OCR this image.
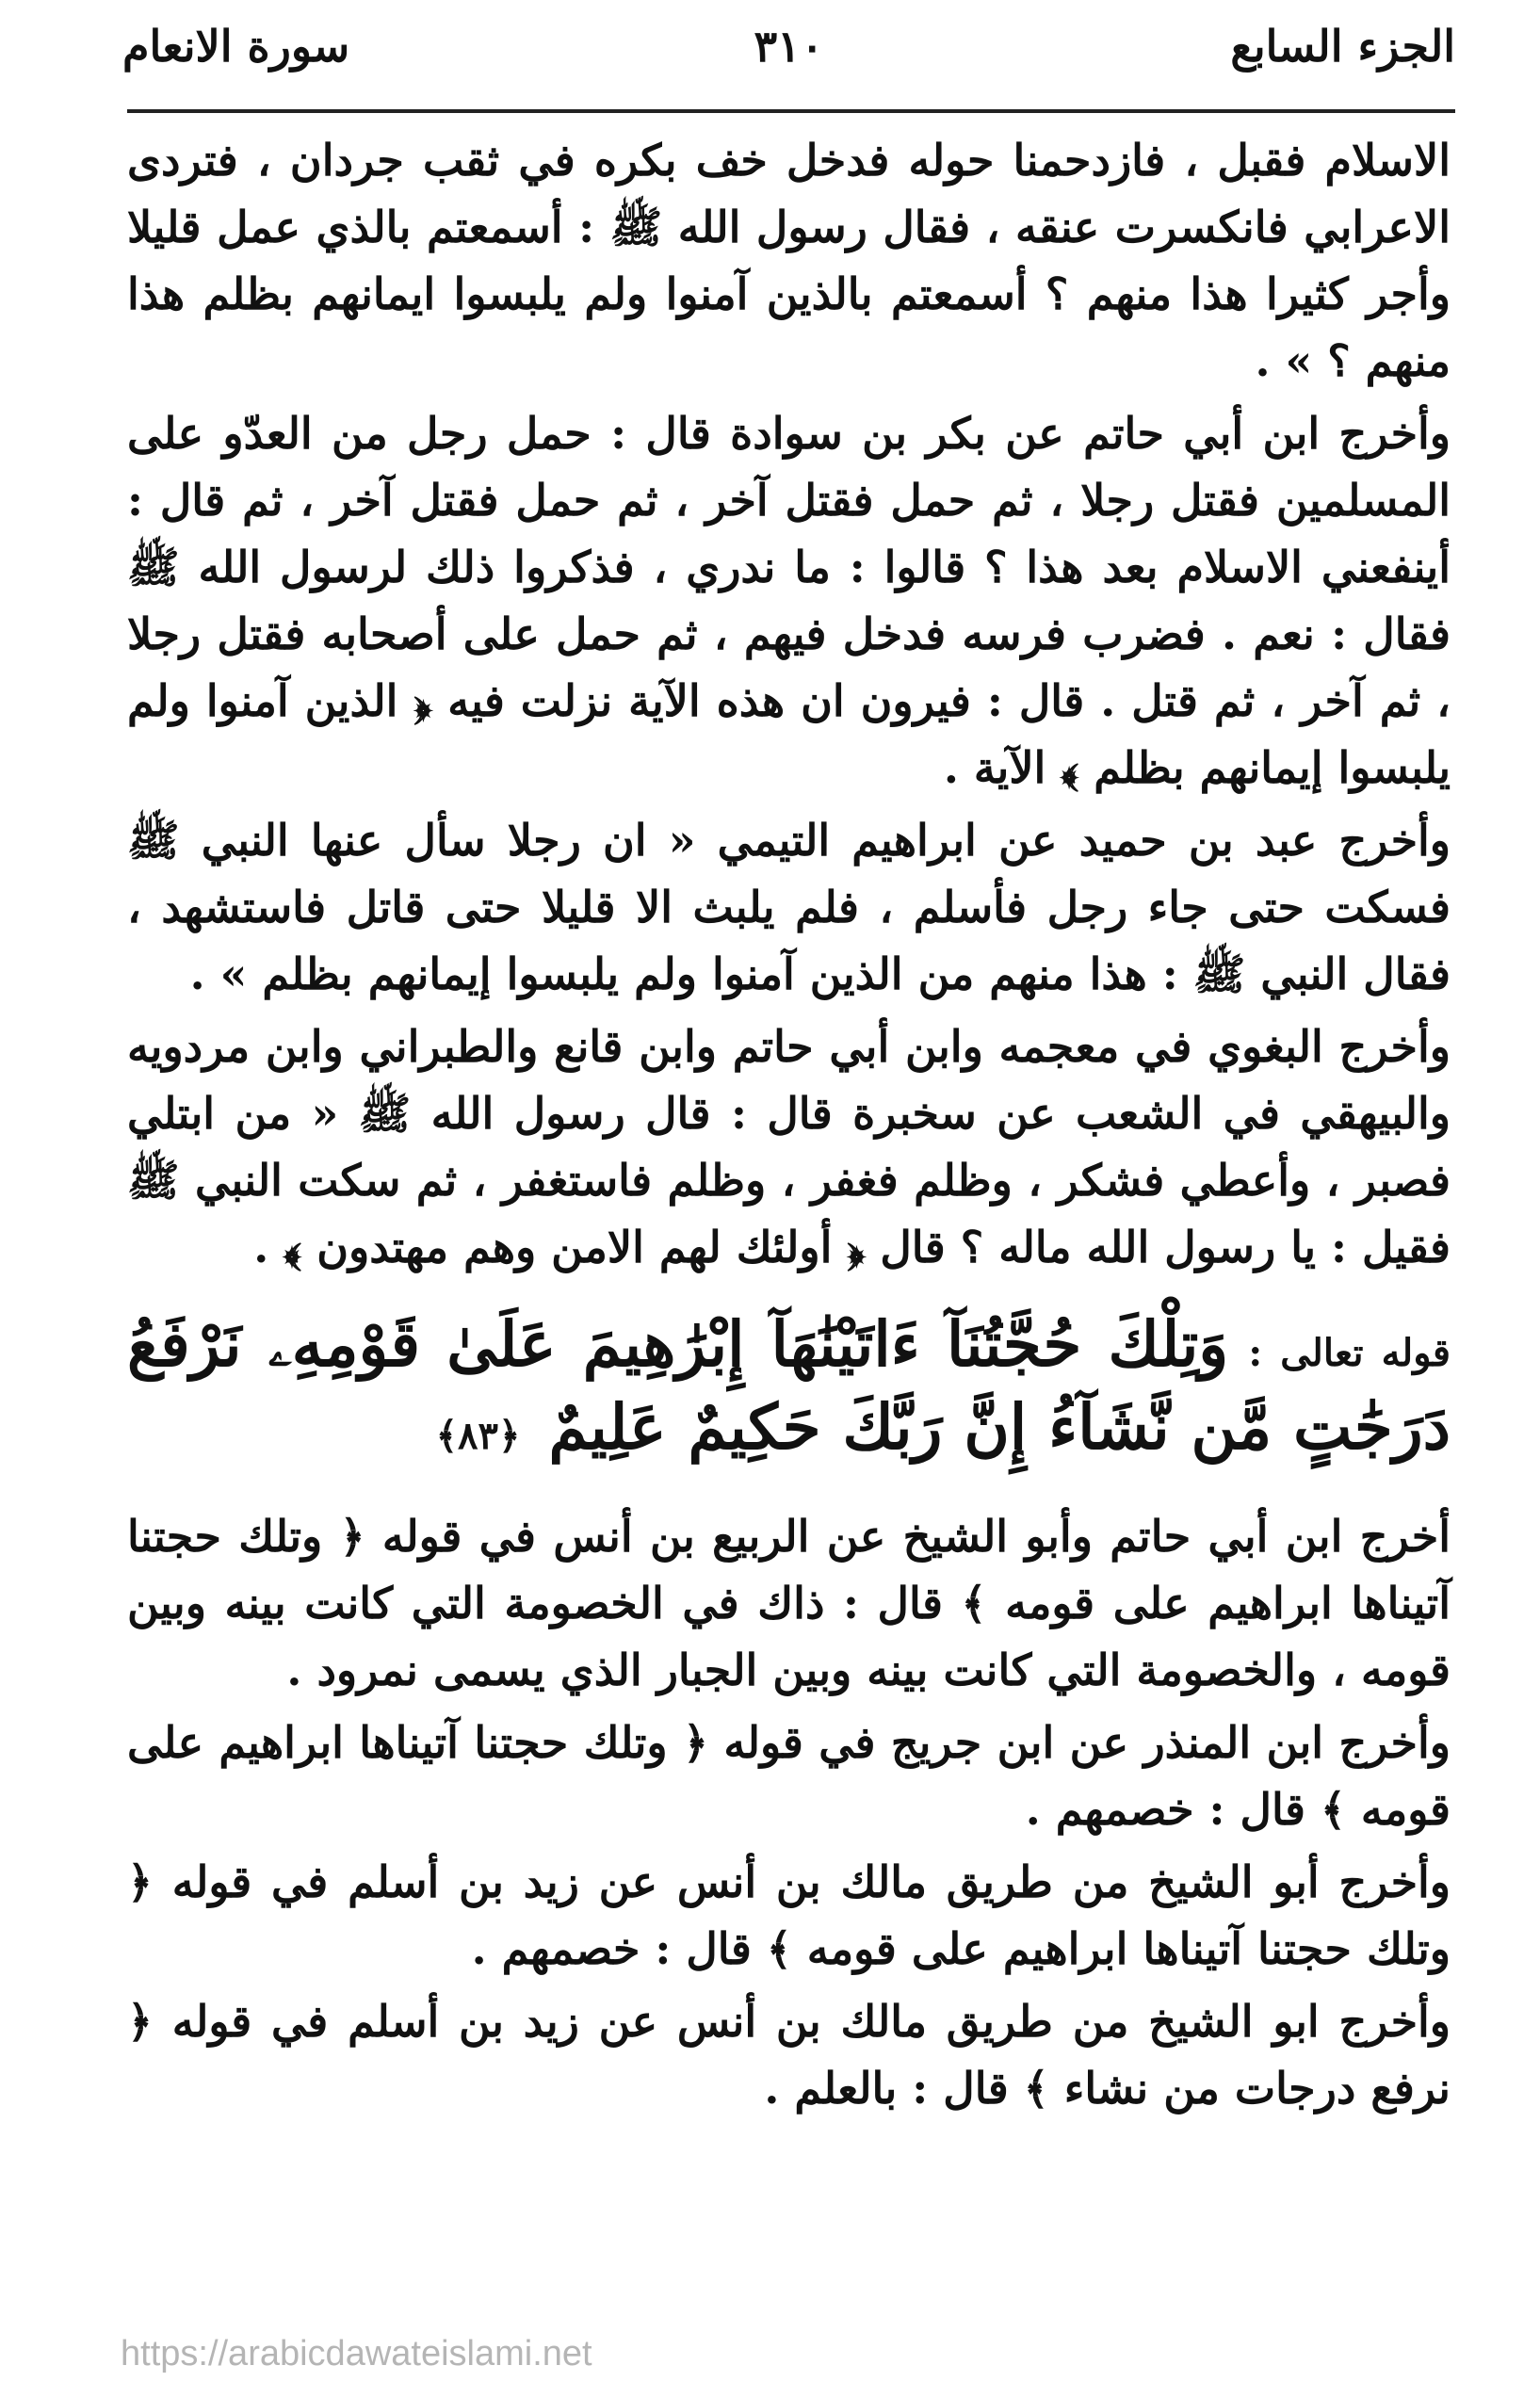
الجزء السابع
٣١٠
سورة الانعام

الاسلام فقبل ، فازدحمنا حوله فدخل خف بكره في ثقب جردان ، فتردى الاعرابي فانكسرت عنقه ، فقال رسول الله ﷺ : أسمعتم بالذي عمل قليلا وأجر كثيرا هذا منهم ؟ أسمعتم بالذين آمنوا ولم يلبسوا ايمانهم بظلم هذا منهم ؟ » .

وأخرج ابن أبي حاتم عن بكر بن سوادة قال : حمل رجل من العدّو على المسلمين فقتل رجلا ، ثم حمل فقتل آخر ، ثم حمل فقتل آخر ، ثم قال : أينفعني الاسلام بعد هذا ؟ قالوا : ما ندري ، فذكروا ذلك لرسول الله ﷺ فقال : نعم . فضرب فرسه فدخل فيهم ، ثم حمل على أصحابه فقتل رجلا ، ثم آخر ، ثم قتل . قال : فيرون ان هذه الآية نزلت فيه ﴿ الذين آمنوا ولم يلبسوا إيمانهم بظلم ﴾ الآية .

وأخرج عبد بن حميد عن ابراهيم التيمي « ان رجلا سأل عنها النبي ﷺ فسكت حتى جاء رجل فأسلم ، فلم يلبث الا قليلا حتى قاتل فاستشهد ، فقال النبي ﷺ : هذا منهم من الذين آمنوا ولم يلبسوا إيمانهم بظلم » .

وأخرج البغوي في معجمه وابن أبي حاتم وابن قانع والطبراني وابن مردويه والبيهقي في الشعب عن سخبرة قال : قال رسول الله ﷺ « من ابتلي فصبر ، وأعطي فشكر ، وظلم فغفر ، وظلم فاستغفر ، ثم سكت النبي ﷺ فقيل : يا رسول الله ماله ؟ قال ﴿ أولئك لهم الامن وهم مهتدون ﴾ .

قوله تعالى : وَتِلْكَ حُجَّتُنَآ ءَاتَيْنَٰهَآ إِبْرَٰهِيمَ عَلَىٰ قَوْمِهِۦ نَرْفَعُ دَرَجَٰتٍ مَّن نَّشَآءُ إِنَّ رَبَّكَ حَكِيمٌ عَلِيمٌ ﴿٨٣﴾

أخرج ابن أبي حاتم وأبو الشيخ عن الربيع بن أنس في قوله ﴿ وتلك حجتنا آتيناها ابراهيم على قومه ﴾ قال : ذاك في الخصومة التي كانت بينه وبين قومه ، والخصومة التي كانت بينه وبين الجبار الذي يسمى نمرود .

وأخرج ابن المنذر عن ابن جريج في قوله ﴿ وتلك حجتنا آتيناها ابراهيم على قومه ﴾ قال : خصمهم .

وأخرج أبو الشيخ من طريق مالك بن أنس عن زيد بن أسلم في قوله ﴿ وتلك حجتنا آتيناها ابراهيم على قومه ﴾ قال : خصمهم .

وأخرج ابو الشيخ من طريق مالك بن أنس عن زيد بن أسلم في قوله ﴿ نرفع درجات من نشاء ﴾ قال : بالعلم .

https://arabicdawateislami.net
